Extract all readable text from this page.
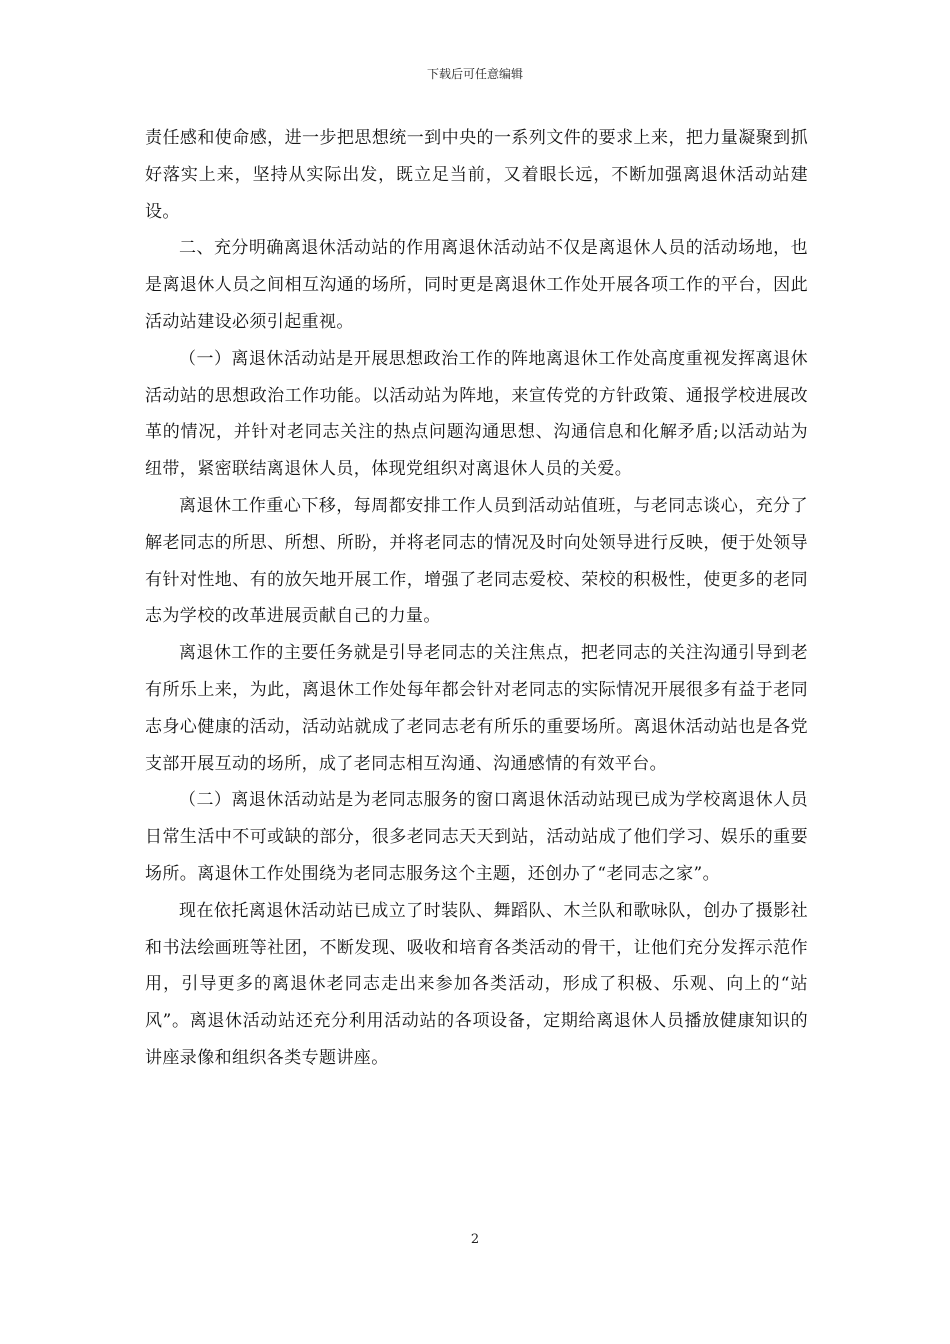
下载后可任意编辑

责任感和使命感，进一步把思想统一到中央的一系列文件的要求上来，把力量凝聚到抓好落实上来，坚持从实际出发，既立足当前，又着眼长远，不断加强离退休活动站建设。

二、充分明确离退休活动站的作用离退休活动站不仅是离退休人员的活动场地，也是离退休人员之间相互沟通的场所，同时更是离退休工作处开展各项工作的平台，因此活动站建设必须引起重视。

（一）离退休活动站是开展思想政治工作的阵地离退休工作处高度重视发挥离退休活动站的思想政治工作功能。以活动站为阵地，来宣传党的方针政策、通报学校进展改革的情况，并针对老同志关注的热点问题沟通思想、沟通信息和化解矛盾;以活动站为纽带，紧密联结离退休人员，体现党组织对离退休人员的关爱。

离退休工作重心下移，每周都安排工作人员到活动站值班，与老同志谈心，充分了解老同志的所思、所想、所盼，并将老同志的情况及时向处领导进行反映，便于处领导有针对性地、有的放矢地开展工作，增强了老同志爱校、荣校的积极性，使更多的老同志为学校的改革进展贡献自己的力量。

离退休工作的主要任务就是引导老同志的关注焦点，把老同志的关注沟通引导到老有所乐上来，为此，离退休工作处每年都会针对老同志的实际情况开展很多有益于老同志身心健康的活动，活动站就成了老同志老有所乐的重要场所。离退休活动站也是各党支部开展互动的场所，成了老同志相互沟通、沟通感情的有效平台。

（二）离退休活动站是为老同志服务的窗口离退休活动站现已成为学校离退休人员日常生活中不可或缺的部分，很多老同志天天到站，活动站成了他们学习、娱乐的重要场所。离退休工作处围绕为老同志服务这个主题，还创办了“老同志之家”。

现在依托离退休活动站已成立了时装队、舞蹈队、木兰队和歌咏队，创办了摄影社和书法绘画班等社团，不断发现、吸收和培育各类活动的骨干，让他们充分发挥示范作用，引导更多的离退休老同志走出来参加各类活动，形成了积极、乐观、向上的“站风”。离退休活动站还充分利用活动站的各项设备，定期给离退休人员播放健康知识的讲座录像和组织各类专题讲座。

2
